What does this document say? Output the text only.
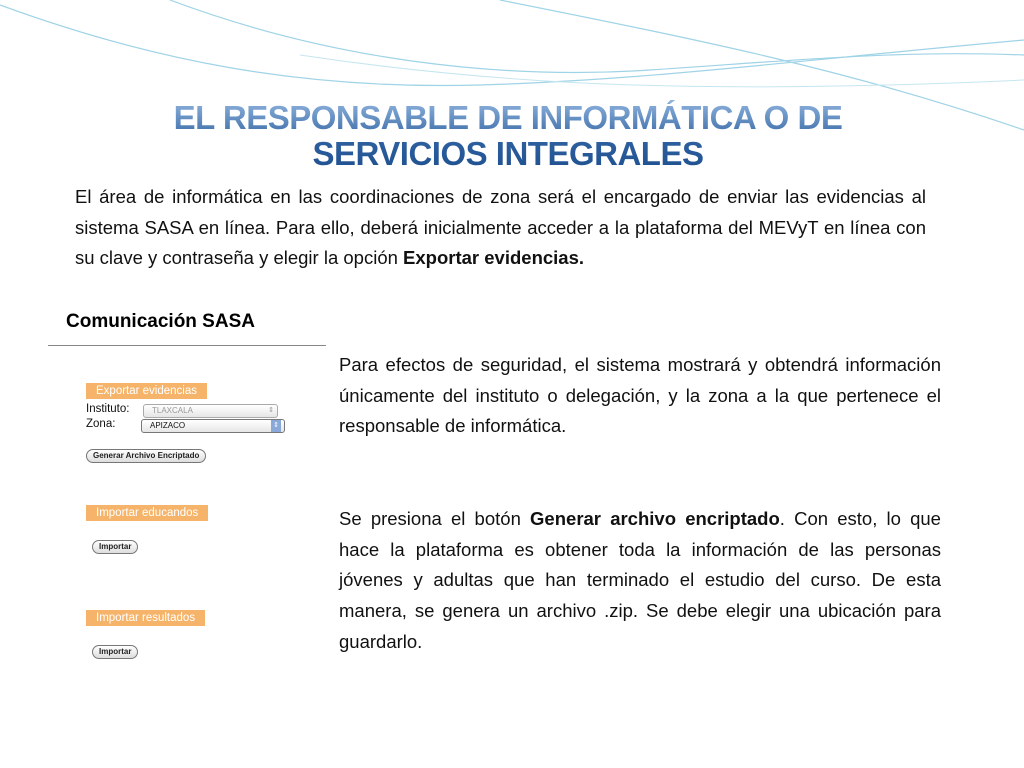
EL RESPONSABLE DE INFORMÁTICA O DE
SERVICIOS INTEGRALES

El área de informática en las coordinaciones de zona será el encargado de enviar las evidencias al sistema SASA en línea. Para ello, deberá inicialmente acceder a la plataforma del MEVyT en línea con su clave y contraseña y elegir la opción Exportar evidencias.

Comunicación SASA
Exportar evidencias
Instituto:	TLAXCALA	⇕
Zona:	APIZACO	⇕
Generar Archivo Encriptado
Importar educandos
Importar
Importar resultados
Importar

Para efectos de seguridad, el sistema mostrará y obtendrá información únicamente del instituto o delegación, y la zona a la que pertenece el responsable de informática.

Se presiona el botón Generar archivo encriptado. Con esto, lo que hace la plataforma es obtener toda la información de las personas jóvenes y adultas que han terminado el estudio del curso. De esta manera, se genera un archivo .zip. Se debe elegir una ubicación para guardarlo.
